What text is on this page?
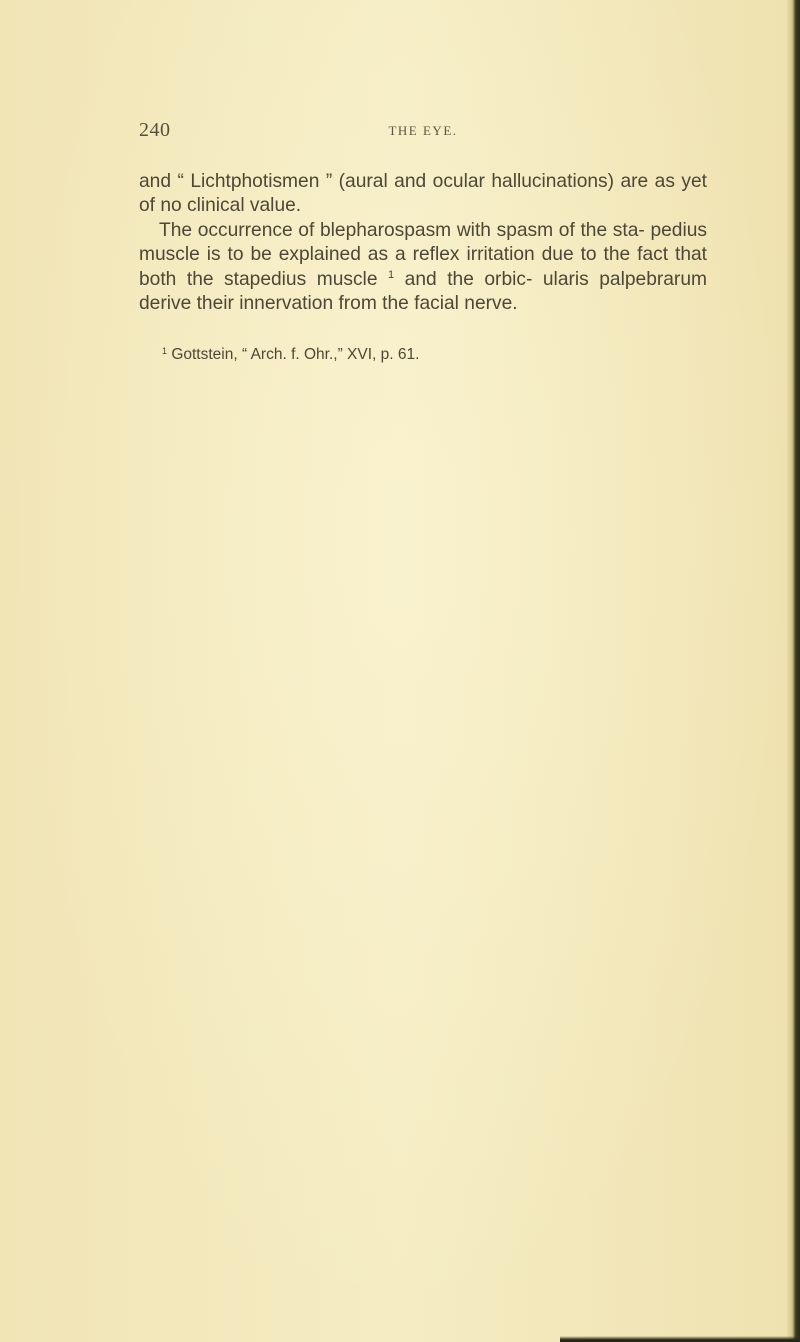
240	THE EYE.

and “ Lichtphotismen ” (aural and ocular hallucinations) are as yet of no clinical value.

The occurrence of blepharospasm with spasm of the sta- pedius muscle is to be explained as a reflex irritation due to the fact that both the stapedius muscle $^1$ and the orbic- ularis palpebrarum derive their innervation from the facial nerve.

$^1$ Gottstein, “ Arch. f. Ohr.,” XVI, p. 61.
